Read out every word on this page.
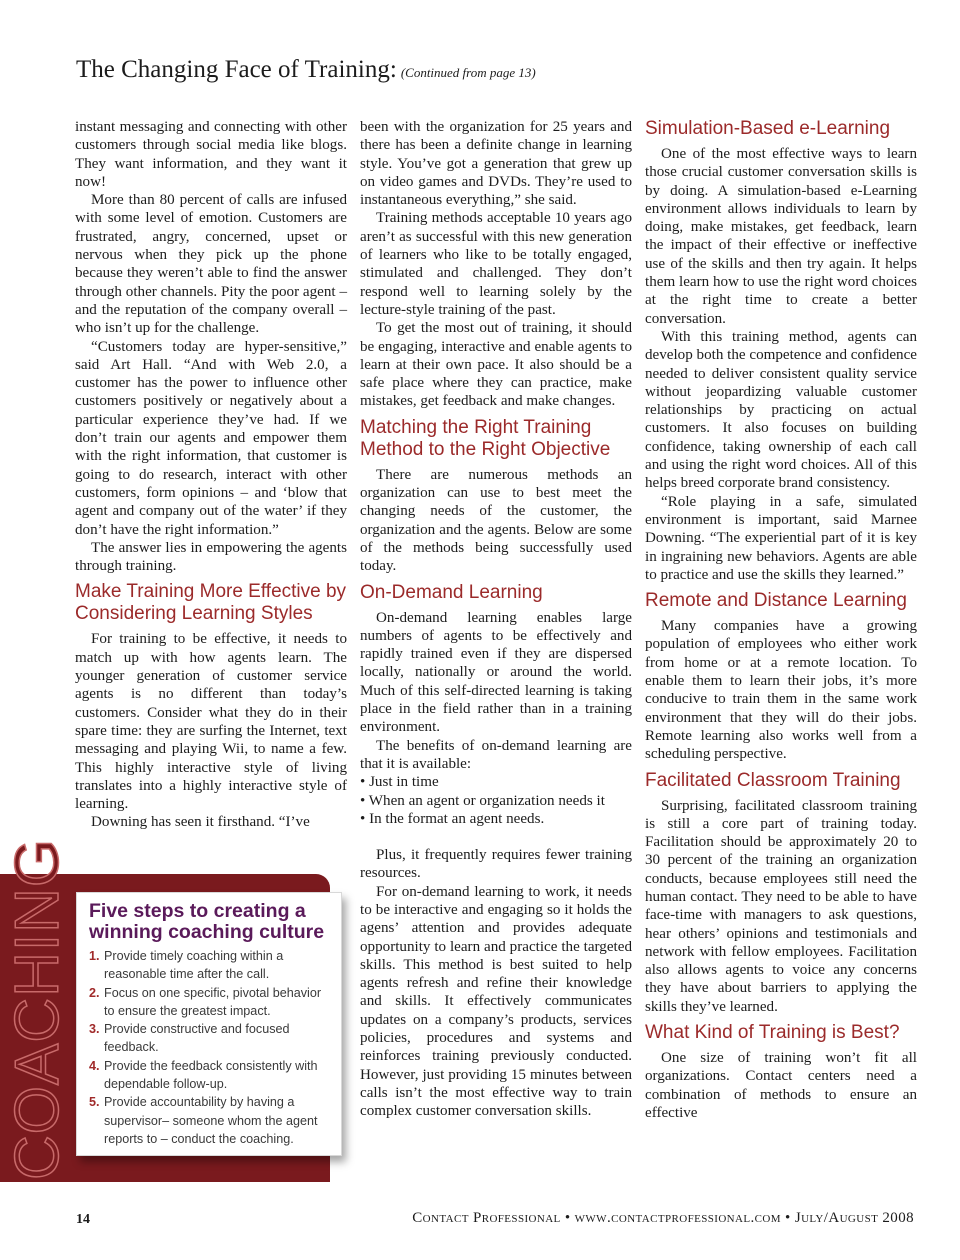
The Changing Face of Training: (Continued from page 13)

instant messaging and connecting with other customers through social media like blogs. They want information, and they want it now!

More than 80 percent of calls are infused with some level of emotion. Customers are frustrated, angry, concerned, upset or nervous when they pick up the phone because they weren’t able to find the answer through other channels. Pity the poor agent – and the reputation of the company overall – who isn’t up for the challenge.

“Customers today are hyper-sensitive,” said Art Hall. “And with Web 2.0, a customer has the power to influence other customers positively or negatively about a particular experience they’ve had. If we don’t train our agents and empower them with the right information, that customer is going to do research, interact with other customers, form opinions – and ‘blow that agent and company out of the water’ if they don’t have the right information.”

The answer lies in empowering the agents through training.

Make Training More Effective by Considering Learning Styles

For training to be effective, it needs to match up with how agents learn. The younger generation of customer service agents is no different than today’s customers. Consider what they do in their spare time: they are surfing the Internet, text messaging and playing Wii, to name a few. This highly interactive style of living translates into a highly interactive style of learning.

Downing has seen it firsthand. “I’ve

been with the organization for 25 years and there has been a definite change in learning style. You’ve got a generation that grew up on video games and DVDs. They’re used to instantaneous everything,” she said.

Training methods acceptable 10 years ago aren’t as successful with this new generation of learners who like to be totally engaged, stimulated and challenged. They don’t respond well to learning solely by the lecture-style training of the past.

To get the most out of training, it should be engaging, interactive and enable agents to learn at their own pace. It also should be a safe place where they can practice, make mistakes, get feedback and make changes.

Matching the Right Training Method to the Right Objective

There are numerous methods an organization can use to best meet the changing needs of the customer, the organization and the agents. Below are some of the methods being successfully used today.

On-Demand Learning

On-demand learning enables large numbers of agents to be effectively and rapidly trained even if they are dispersed locally, nationally or around the world. Much of this self-directed learning is taking place in the field rather than in a training environment.

The benefits of on-demand learning are that it is available:

• Just in time
• When an agent or organization needs it
• In the format an agent needs.

Plus, it frequently requires fewer training resources.

For on-demand learning to work, it needs to be interactive and engaging so it holds the agens’ attention and provides adequate opportunity to learn and practice the targeted skills. This method is best suited to help agents refresh and refine their knowledge and skills. It effectively communicates updates on a company’s products, services policies, procedures and systems and reinforces training previously conducted. However, just providing 15 minutes between calls isn’t the most effective way to train complex customer conversation skills.

Simulation-Based e-Learning

One of the most effective ways to learn those crucial customer conversation skills is by doing. A simulation-based e-Learning environment allows individuals to learn by doing, make mistakes, get feedback, learn the impact of their effective or ineffective use of the skills and then try again. It helps them learn how to use the right word choices at the right time to create a better conversation.

With this training method, agents can develop both the competence and confidence needed to deliver consistent quality service without jeopardizing valuable customer relationships by practicing on actual customers. It also focuses on building confidence, taking ownership of each call and using the right word choices. All of this helps breed corporate brand consistency.

“Role playing in a safe, simulated environment is important, said Marnee Downing. “The experiential part of it is key in ingraining new behaviors. Agents are able to practice and use the skills they learned.”

Remote and Distance Learning

Many companies have a growing population of employees who either work from home or at a remote location. To enable them to learn their jobs, it’s more conducive to train them in the same work environment that they will do their jobs. Remote learning also works well from a scheduling perspective.

Facilitated Classroom Training

Surprising, facilitated classroom training is still a core part of training today. Facilitation should be approximately 20 to 30 percent of the training an organization conducts, because employees still need the human contact. They need to be able to have face-time with managers to ask questions, hear others’ opinions and testimonials and network with fellow employees. Facilitation also allows agents to voice any concerns they have about barriers to applying the skills they’ve learned.

What Kind of Training is Best?

One size of training won’t fit all organizations. Contact centers need a combination of methods to ensure an effective

COACHING Five steps to creating a winning coaching culture
1. Provide timely coaching within a reasonable time after the call.
2. Focus on one specific, pivotal behavior to ensure the greatest impact.
3. Provide constructive and focused feedback.
4. Provide the feedback consistently with dependable follow-up.
5. Provide accountability by having a supervisor– someone whom the agent reports to – conduct the coaching.
14	Contact Professional • www.contactprofessional.com • July/August 2008
